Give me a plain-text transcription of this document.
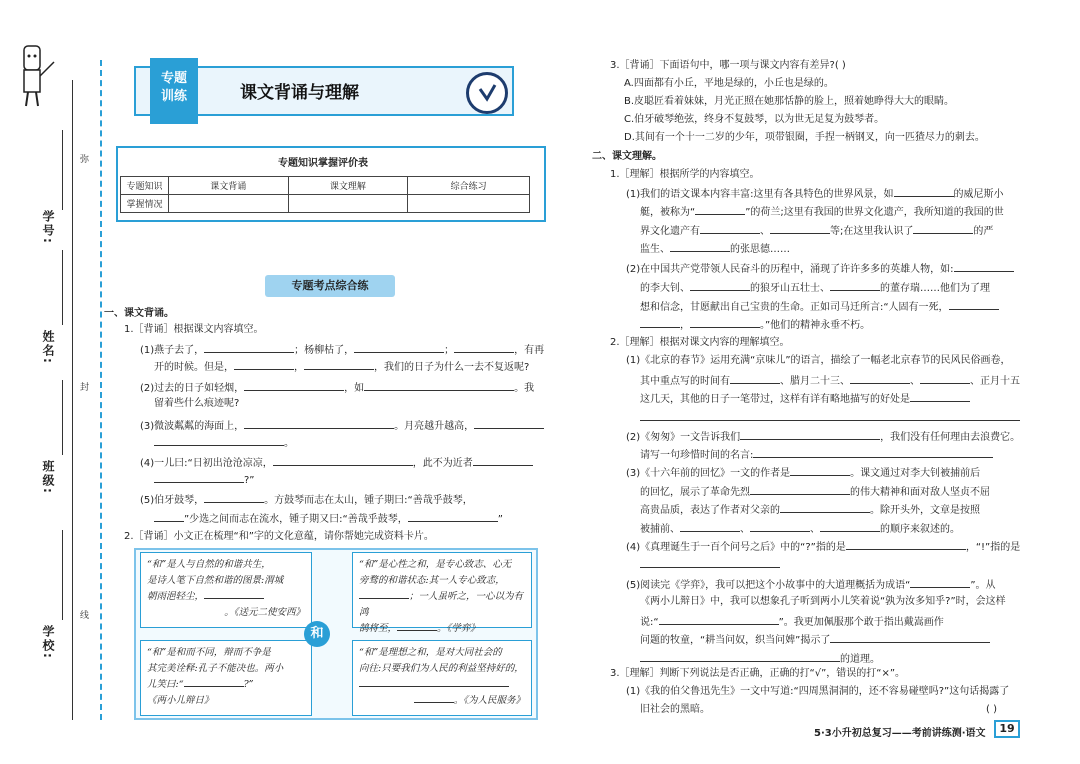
学号:
姓名:
班级:
学校:
弥
封
线
专题
训练	课文背诵与理解
专题知识掌握评价表
专题知识	课文背诵	课文理解	综合练习
掌握情况			
专题考点综合练
一、课文背诵。
1.［背诵］根据课文内容填空。
(1)燕子去了，	；杨柳枯了，	；	，有再
开的时候。但是，	，	，我们的日子为什么一去不复返呢?
(2)过去的日子如轻烟，	，如	。我
留着些什么痕迹呢?
(3)微波粼粼的海面上，	。月亮越升越高，
。
(4)一儿曰:“日初出沧沧凉凉，	，此不为近者
?”
(5)伯牙鼓琴，	。方鼓琴而志在太山，锺子期曰:“善哉乎鼓琴，
”少选之间而志在流水，锺子期又曰:“善哉乎鼓琴，	”
2.［背诵］小文正在梳理“和”字的文化意蕴，请你帮她完成资料卡片。
“和”是人与自然的和谐共生，
是诗人笔下自然和谐的图景:渭城
朝雨浥轻尘，
。《送元二使安西》
“和”是心性之和，是专心致志、心无
旁骛的和谐状态:其一人专心致志，
；一人虽听之，一心以为有鸿
鹄将至，	。《学弈》
“和”是和而不同，辩而不争是
其完美诠释:孔子不能决也。两小
儿笑曰:“	?”
《两小儿辩日》
“和”是理想之和，是对大同社会的
向往:只要我们为人民的利益坚持好的，
。《为人民服务》
和
3.［背诵］下面语句中，哪一项与课文内容有差异?( )
A.四面都有小丘，平地是绿的，小丘也是绿的。
B.皮聪匠看着妹妹，月光正照在她那恬静的脸上，照着她睁得大大的眼睛。
C.伯牙破琴绝弦，终身不复鼓琴，以为世无足复为鼓琴者。
D.其间有一个十一二岁的少年，项带银圈，手捏一柄钢叉，向一匹猹尽力的刺去。
二、课文理解。
1.［理解］根据所学的内容填空。
(1)我们的语文课本内容丰富:这里有各具特色的世界风景，如	的威尼斯小
艇，被称为“	”的荷兰;这里有我国的世界文化遗产，我所知道的我国的世
界文化遗产有	、	等;在这里我认识了	的严
监生、	的张思德……
(2)在中国共产党带领人民奋斗的历程中，涌现了许许多多的英雄人物，如:
的李大钊、	的狼牙山五壮士、	的董存瑞……他们为了理
想和信念，甘愿献出自己宝贵的生命。正如司马迁所言:“人固有一死，
，	。”他们的精神永垂不朽。
2.［理解］根据对课文内容的理解填空。
(1)《北京的春节》运用充满“京味儿”的语言，描绘了一幅老北京春节的民风民俗画卷，
其中重点写的时间有	、腊月二十三、	、	、正月十五
这几天，其他的日子一笔带过，这样有详有略地描写的好处是
(2)《匆匆》一文告诉我们	，我们没有任何理由去浪费它。
请写一句珍惜时间的名言:
(3)《十六年前的回忆》一文的作者是	。课文通过对李大钊被捕前后
的回忆，展示了革命先烈	的伟大精神和面对敌人坚贞不屈
高贵品质，表达了作者对父亲的	。除开头外，文章是按照
被捕前、	、	、	的顺序来叙述的。
(4)《真理诞生于一百个问号之后》中的“?”指的是	，“!”指的是
(5)阅读完《学弈》，我可以把这个小故事中的大道理概括为成语“	”。从
《两小儿辩日》中，我可以想象孔子听到两小儿笑着说“孰为汝多知乎?”时，会这样
说:“	”。我更加佩服那个敢于指出戴嵩画作
问题的牧童，“耕当问奴，织当问婢”揭示了
的道理。
3.［理解］判断下列说法是否正确，正确的打“√”，错误的打“×”。
(1)《我的伯父鲁迅先生》一文中写道:“四周黑洞洞的，还不容易碰壁吗?”这句话揭露了
旧社会的黑暗。	( )
5·3小升初总复习——考前讲练测·语文	19
